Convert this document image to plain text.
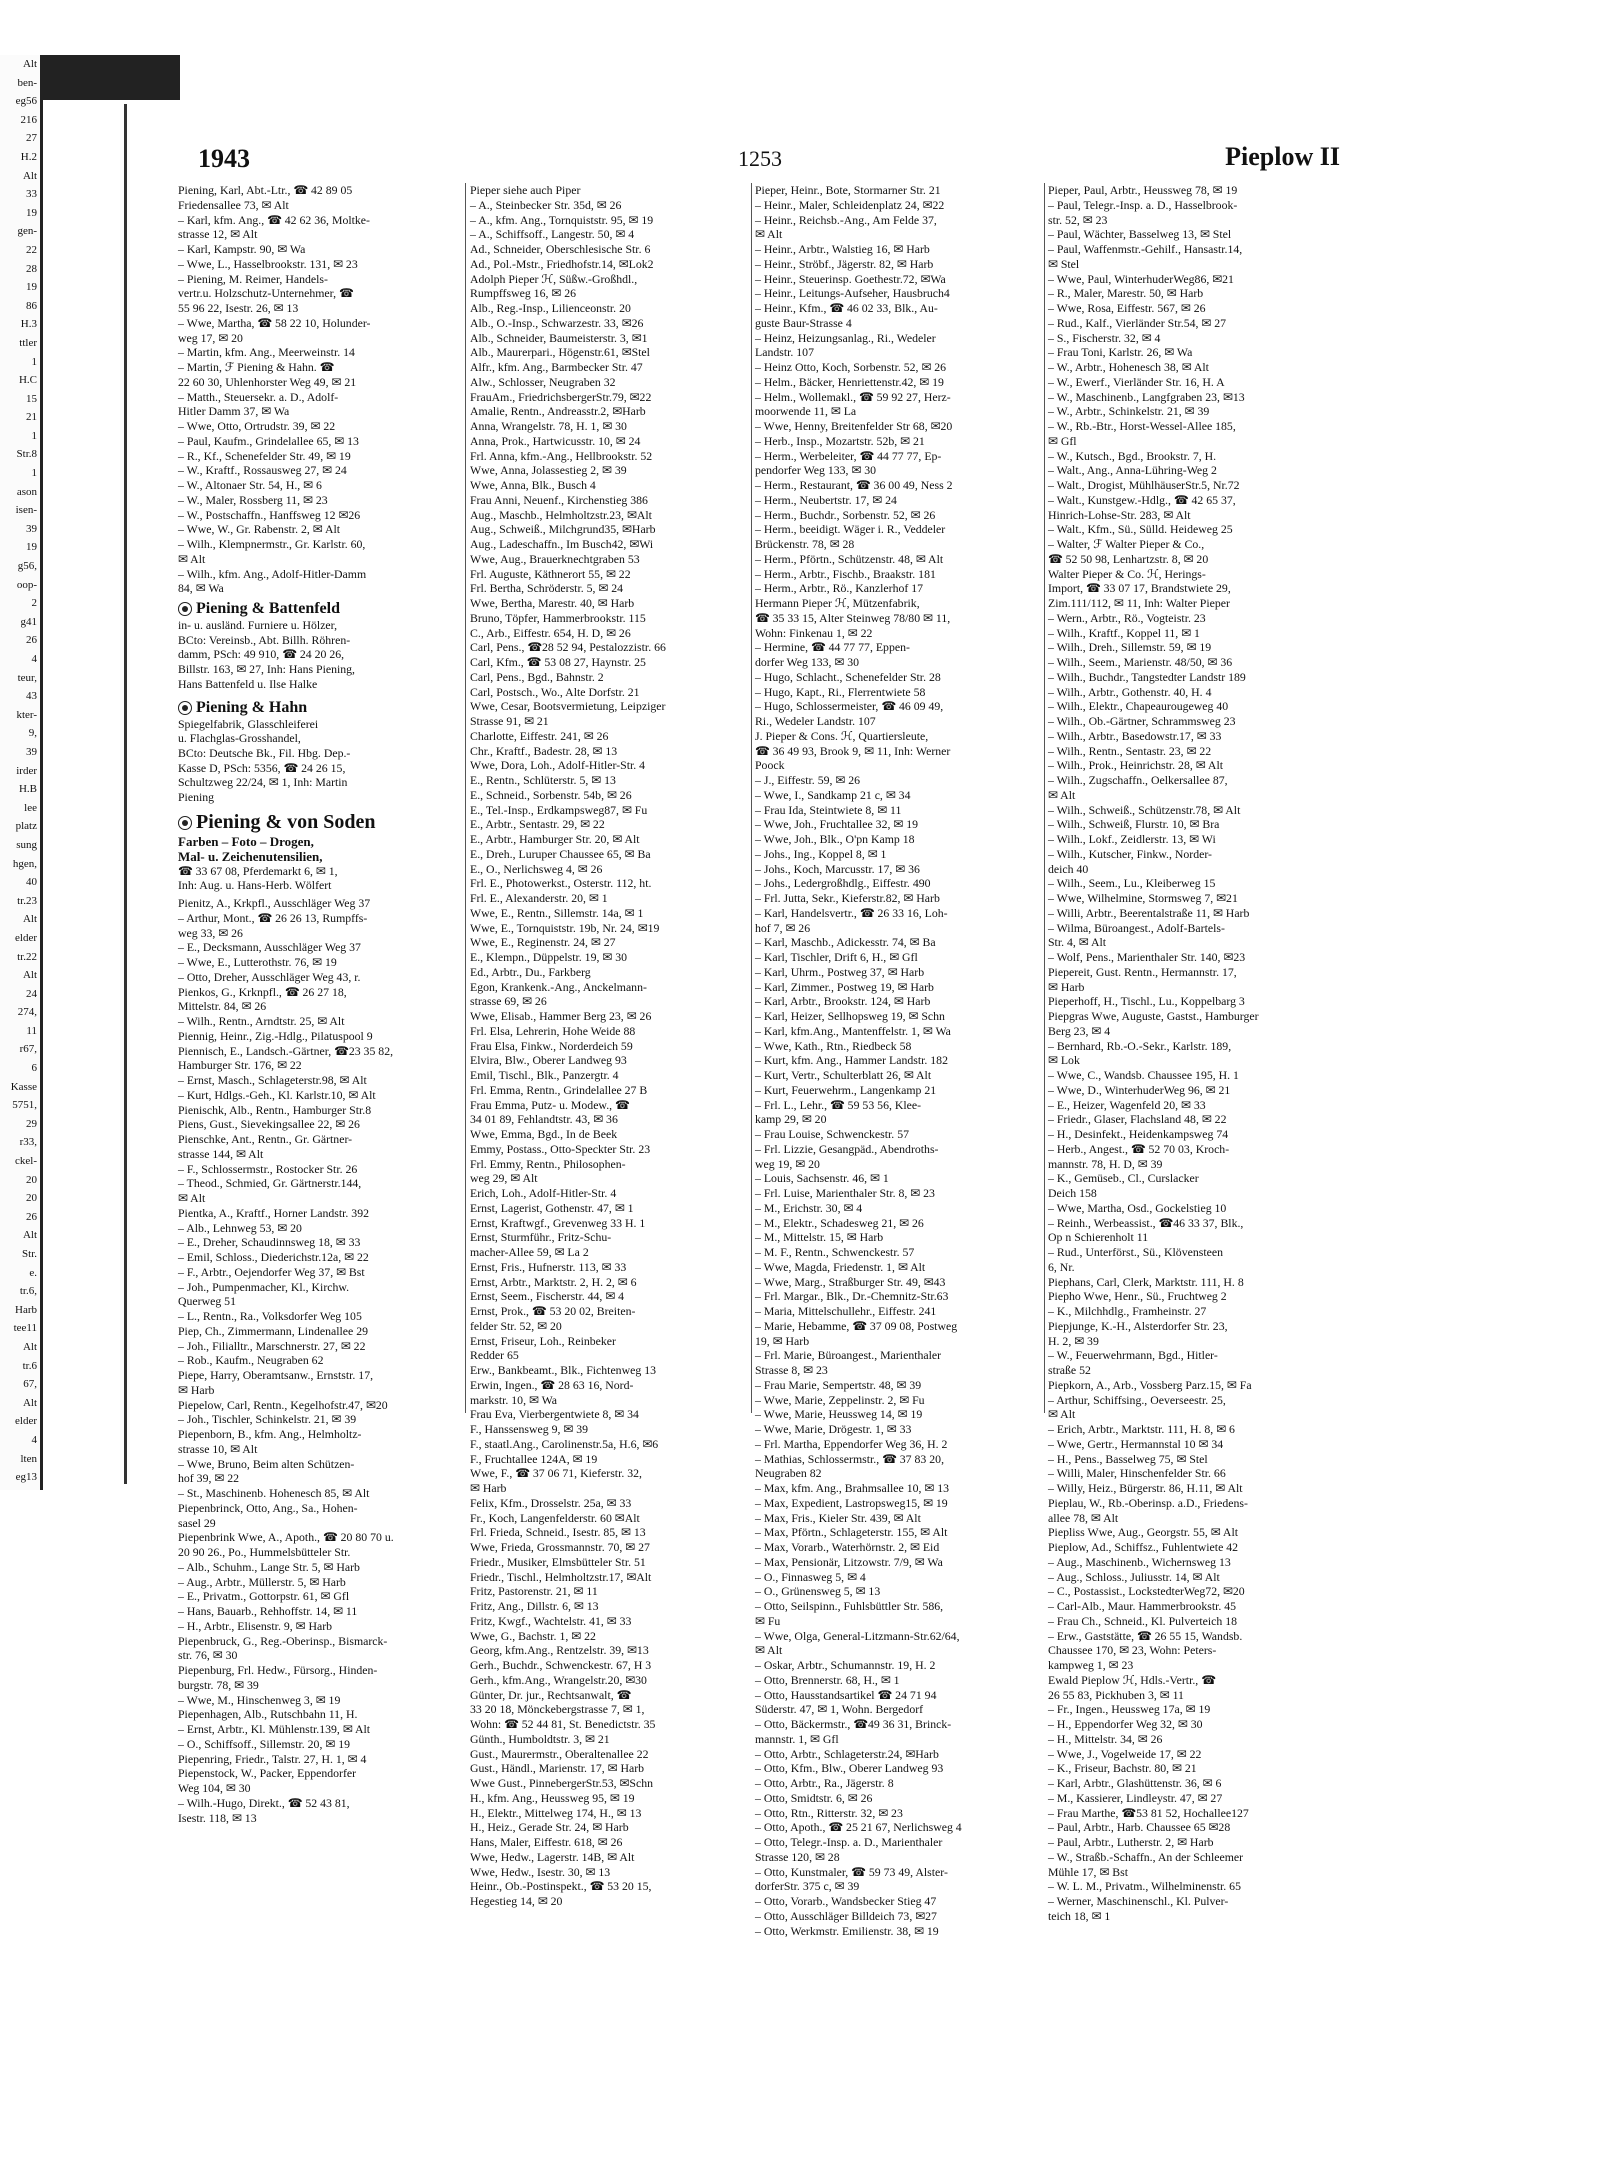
Alt
ben-
eg56
216
27
H.2
Alt
33
19
gen-
22
28
19
86
H.3
ttler
1
H.C
15
21
1
Str.8
1
ason
isen-
39
19
g56,
oop-
2
g41
26
4
teur,
43
kter-
9,
39
irder
H.B
lee
platz
sung
hgen,
40
tr.23
Alt
elder
tr.22
Alt
24
274,
11
r67,
6
Kasse
5751,
29
r33,
ckel-
20
20
26
Alt
Str.
e.
tr.6,
Harb
tee11
Alt
tr.6
67,
Alt
elder
4
lten
eg13
1943	1253	Pieplow II
Piening, Karl, Abt.-Ltr., ☎ 42 89 05
Friedensallee 73, ✉ Alt
– Karl, kfm. Ang., ☎ 42 62 36, Moltke-
strasse 12, ✉ Alt
– Karl, Kampstr. 90, ✉ Wa
– Wwe, L., Hasselbrookstr. 131, ✉ 23
– Piening, M. Reimer, Handels-
vertr.u. Holzschutz-Unternehmer, ☎
55 96 22, Isestr. 26, ✉ 13
– Wwe, Martha, ☎ 58 22 10, Holunder-
weg 17, ✉ 20
– Martin, kfm. Ang., Meerweinstr. 14
– Martin, ℱ Piening & Hahn. ☎
22 60 30, Uhlenhorster Weg 49, ✉ 21
– Matth., Steuersekr. a. D., Adolf-
Hitler Damm 37, ✉ Wa
– Wwe, Otto, Ortrudstr. 39, ✉ 22
– Paul, Kaufm., Grindelallee 65, ✉ 13
– R., Kf., Schenefelder Str. 49, ✉ 19
– W., Kraftf., Rossausweg 27, ✉ 24
– W., Altonaer Str. 54, H., ✉ 6
– W., Maler, Rossberg 11, ✉ 23
– W., Postschaffn., Hanffsweg 12 ✉26
– Wwe, W., Gr. Rabenstr. 2, ✉ Alt
– Wilh., Klempnermstr., Gr. Karlstr. 60,
✉ Alt
– Wilh., kfm. Ang., Adolf-Hitler-Damm
84, ✉ Wa
Piening & Battenfeld
in- u. ausländ. Furniere u. Hölzer,
BCto: Vereinsb., Abt. Billh. Röhren-
damm, PSch: 49 910, ☎ 24 20 26,
Billstr. 163, ✉ 27, Inh: Hans Piening,
Hans Battenfeld u. Ilse Halke
Piening & Hahn
Spiegelfabrik, Glasschleiferei
u. Flachglas-Grosshandel,
BCto: Deutsche Bk., Fil. Hbg. Dep.-
Kasse D, PSch: 5356, ☎ 24 26 15,
Schultzweg 22/24, ✉ 1, Inh: Martin
Piening
Piening & von Soden
Farben – Foto – Drogen,
Mal- u. Zeichenutensilien,
☎ 33 67 08, Pferdemarkt 6, ✉ 1,
Inh: Aug. u. Hans-Herb. Wölfert
Pienitz, A., Krkpfl., Ausschläger Weg 37
– Arthur, Mont., ☎ 26 26 13, Rumpffs-
weg 33, ✉ 26
– E., Decksmann, Ausschläger Weg 37
– Wwe, E., Lutterothstr. 76, ✉ 19
– Otto, Dreher, Ausschläger Weg 43, r.
Pienkos, G., Krknpfl., ☎ 26 27 18,
Mittelstr. 84, ✉ 26
– Wilh., Rentn., Arndtstr. 25, ✉ Alt
Piennig, Heinr., Zig.-Hdlg., Pilatuspool 9
Piennisch, E., Landsch.-Gärtner, ☎23 35 82,
Hamburger Str. 176, ✉ 22
– Ernst, Masch., Schlageterstr.98, ✉ Alt
– Kurt, Hdlgs.-Geh., Kl. Karlstr.10, ✉ Alt
Pienischk, Alb., Rentn., Hamburger Str.8
Piens, Gust., Sievekingsallee 22, ✉ 26
Pienschke, Ant., Rentn., Gr. Gärtner-
strasse 144, ✉ Alt
– F., Schlossermstr., Rostocker Str. 26
– Theod., Schmied, Gr. Gärtnerstr.144,
✉ Alt
Pientka, A., Kraftf., Horner Landstr. 392
– Alb., Lehnweg 53, ✉ 20
– E., Dreher, Schaudinnsweg 18, ✉ 33
– Emil, Schloss., Diederichstr.12a, ✉ 22
– F., Arbtr., Oejendorfer Weg 37, ✉ Bst
– Joh., Pumpenmacher, Kl., Kirchw.
Querweg 51
– L., Rentn., Ra., Volksdorfer Weg 105
Piep, Ch., Zimmermann, Lindenallee 29
– Joh., Filialltr., Marschnerstr. 27, ✉ 22
– Rob., Kaufm., Neugraben 62
Piepe, Harry, Oberamtsanw., Ernststr. 17,
✉ Harb
Piepelow, Carl, Rentn., Kegelhofstr.47, ✉20
– Joh., Tischler, Schinkelstr. 21, ✉ 39
Piepenborn, B., kfm. Ang., Helmholtz-
strasse 10, ✉ Alt
– Wwe, Bruno, Beim alten Schützen-
hof 39, ✉ 22
– St., Maschinenb. Hohenesch 85, ✉ Alt
Piepenbrinck, Otto, Ang., Sa., Hohen-
sasel 29
Piepenbrink Wwe, A., Apoth., ☎ 20 80 70 u.
20 90 26., Po., Hummelsbütteler Str.
– Alb., Schuhm., Lange Str. 5, ✉ Harb
– Aug., Arbtr., Müllerstr. 5, ✉ Harb
– E., Privatm., Gottorpstr. 61, ✉ Gfl
– Hans, Bauarb., Rehhoffstr. 14, ✉ 11
– H., Arbtr., Elisenstr. 9, ✉ Harb
Piepenbruck, G., Reg.-Oberinsp., Bismarck-
str. 76, ✉ 30
Piepenburg, Frl. Hedw., Fürsorg., Hinden-
burgstr. 78, ✉ 39
– Wwe, M., Hinschenweg 3, ✉ 19
Piepenhagen, Alb., Rutschbahn 11, H.
– Ernst, Arbtr., Kl. Mühlenstr.139, ✉ Alt
– O., Schiffsoff., Sillemstr. 20, ✉ 19
Piepenring, Friedr., Talstr. 27, H. 1, ✉ 4
Piepenstock, W., Packer, Eppendorfer
Weg 104, ✉ 30
– Wilh.-Hugo, Direkt., ☎ 52 43 81,
Isestr. 118, ✉ 13
Pieper siehe auch Piper
– A., Steinbecker Str. 35d, ✉ 26
– A., kfm. Ang., Tornquiststr. 95, ✉ 19
– A., Schiffsoff., Langestr. 50, ✉ 4
Ad., Schneider, Oberschlesische Str. 6
Ad., Pol.-Mstr., Friedhofstr.14, ✉Lok2
Adolph Pieper ℋ, Süßw.-Großhdl.,
Rumpffsweg 16, ✉ 26
Alb., Reg.-Insp., Lilienceonstr. 20
Alb., O.-Insp., Schwarzestr. 33, ✉26
Alb., Schneider, Baumeisterstr. 3, ✉1
Alb., Maurerpari., Högenstr.61, ✉Stel
Alfr., kfm. Ang., Barmbecker Str. 47
Alw., Schlosser, Neugraben 32
FrauAm., FriedrichsbergerStr.79, ✉22
Amalie, Rentn., Andreasstr.2, ✉Harb
Anna, Wrangelstr. 78, H. 1, ✉ 30
Anna, Prok., Hartwicusstr. 10, ✉ 24
Frl. Anna, kfm.-Ang., Hellbrookstr. 52
Wwe, Anna, Jolassestieg 2, ✉ 39
Wwe, Anna, Blk., Busch 4
Frau Anni, Neuenf., Kirchenstieg 386
Aug., Maschb., Helmholtzstr.23, ✉Alt
Aug., Schweiß., Milchgrund35, ✉Harb
Aug., Ladeschaffn., Im Busch42, ✉Wi
Wwe, Aug., Brauerknechtgraben 53
Frl. Auguste, Käthnerort 55, ✉ 22
Frl. Bertha, Schröderstr. 5, ✉ 24
Wwe, Bertha, Marestr. 40, ✉ Harb
Bruno, Töpfer, Hammerbrookstr. 115
C., Arb., Eiffestr. 654, H. D, ✉ 26
Carl, Pens., ☎28 52 94, Pestalozzistr. 66
Carl, Kfm., ☎ 53 08 27, Haynstr. 25
Carl, Pens., Bgd., Bahnstr. 2
Carl, Postsch., Wo., Alte Dorfstr. 21
Wwe, Cesar, Bootsvermietung, Leipziger
Strasse 91, ✉ 21
Charlotte, Eiffestr. 241, ✉ 26
Chr., Kraftf., Badestr. 28, ✉ 13
Wwe, Dora, Loh., Adolf-Hitler-Str. 4
E., Rentn., Schlüterstr. 5, ✉ 13
E., Schneid., Sorbenstr. 54b, ✉ 26
E., Tel.-Insp., Erdkampsweg87, ✉ Fu
E., Arbtr., Sentastr. 29, ✉ 22
E., Arbtr., Hamburger Str. 20, ✉ Alt
E., Dreh., Luruper Chaussee 65, ✉ Ba
E., O., Nerlichsweg 4, ✉ 26
Frl. E., Photowerkst., Osterstr. 112, ht.
Frl. E., Alexanderstr. 20, ✉ 1
Wwe, E., Rentn., Sillemstr. 14a, ✉ 1
Wwe, E., Tornquiststr. 19b, Nr. 24, ✉19
Wwe, E., Reginenstr. 24, ✉ 27
E., Klempn., Düppelstr. 19, ✉ 30
Ed., Arbtr., Du., Farkberg
Egon, Krankenk.-Ang., Anckelmann-
strasse 69, ✉ 26
Wwe, Elisab., Hammer Berg 23, ✉ 26
Frl. Elsa, Lehrerin, Hohe Weide 88
Frau Elsa, Finkw., Norderdeich 59
Elvira, Blw., Oberer Landweg 93
Emil, Tischl., Blk., Panzergtr. 4
Frl. Emma, Rentn., Grindelallee 27 B
Frau Emma, Putz- u. Modew., ☎
34 01 89, Fehlandtstr. 43, ✉ 36
Wwe, Emma, Bgd., In de Beek
Emmy, Postass., Otto-Speckter Str. 23
Frl. Emmy, Rentn., Philosophen-
weg 29, ✉ Alt
Erich, Loh., Adolf-Hitler-Str. 4
Ernst, Lagerist, Gothenstr. 47, ✉ 1
Ernst, Kraftwgf., Grevenweg 33 H. 1
Ernst, Sturmführ., Fritz-Schu-
macher-Allee 59, ✉ La 2
Ernst, Fris., Hufnerstr. 113, ✉ 33
Ernst, Arbtr., Marktstr. 2, H. 2, ✉ 6
Ernst, Seem., Fischerstr. 44, ✉ 4
Ernst, Prok., ☎ 53 20 02, Breiten-
felder Str. 52, ✉ 20
Ernst, Friseur, Loh., Reinbeker
Redder 65
Erw., Bankbeamt., Blk., Fichtenweg 13
Erwin, Ingen., ☎ 28 63 16, Nord-
markstr. 10, ✉ Wa
Frau Eva, Vierbergentwiete 8, ✉ 34
F., Hanssensweg 9, ✉ 39
F., staatl.Ang., Carolinenstr.5a, H.6, ✉6
F., Fruchtallee 124A, ✉ 19
Wwe, F., ☎ 37 06 71, Kieferstr. 32,
✉ Harb
Felix, Kfm., Drosselstr. 25a, ✉ 33
Fr., Koch, Langenfelderstr. 60 ✉Alt
Frl. Frieda, Schneid., Isestr. 85, ✉ 13
Wwe, Frieda, Grossmannstr. 70, ✉ 27
Friedr., Musiker, Elmsbütteler Str. 51
Friedr., Tischl., Helmholtzstr.17, ✉Alt
Fritz, Pastorenstr. 21, ✉ 11
Fritz, Ang., Dillstr. 6, ✉ 13
Fritz, Kwgf., Wachtelstr. 41, ✉ 33
Wwe, G., Bachstr. 1, ✉ 22
Georg, kfm.Ang., Rentzelstr. 39, ✉13
Gerh., Buchdr., Schwenckestr. 67, H 3
Gerh., kfm.Ang., Wrangelstr.20, ✉30
Günter, Dr. jur., Rechtsanwalt, ☎
33 20 18, Mönckebergstrasse 7, ✉ 1,
Wohn: ☎ 52 44 81, St. Benedictstr. 35
Günth., Humboldtstr. 3, ✉ 21
Gust., Maurermstr., Oberaltenallee 22
Gust., Händl., Marienstr. 17, ✉ Harb
Wwe Gust., PinnebergerStr.53, ✉Schn
H., kfm. Ang., Heussweg 95, ✉ 19
H., Elektr., Mittelweg 174, H., ✉ 13
H., Heiz., Gerade Str. 24, ✉ Harb
Hans, Maler, Eiffestr. 618, ✉ 26
Wwe, Hedw., Lagerstr. 14B, ✉ Alt
Wwe, Hedw., Isestr. 30, ✉ 13
Heinr., Ob.-Postinspekt., ☎ 53 20 15,
Hegestieg 14, ✉ 20
Pieper, Heinr., Bote, Stormarner Str. 21
– Heinr., Maler, Schleidenplatz 24, ✉22
– Heinr., Reichsb.-Ang., Am Felde 37,
✉ Alt
– Heinr., Arbtr., Walstieg 16, ✉ Harb
– Heinr., Ströbf., Jägerstr. 82, ✉ Harb
– Heinr., Steuerinsp. Goethestr.72, ✉Wa
– Heinr., Leitungs-Aufseher, Hausbruch4
– Heinr., Kfm., ☎ 46 02 33, Blk., Au-
guste Baur-Strasse 4
– Heinz, Heizungsanlag., Ri., Wedeler
Landstr. 107
– Heinz Otto, Koch, Sorbenstr. 52, ✉ 26
– Helm., Bäcker, Henriettenstr.42, ✉ 19
– Helm., Wollemakl., ☎ 59 92 27, Herz-
moorwende 11, ✉ La
– Wwe, Henny, Breitenfelder Str 68, ✉20
– Herb., Insp., Mozartstr. 52b, ✉ 21
– Herm., Werbeleiter, ☎ 44 77 77, Ep-
pendorfer Weg 133, ✉ 30
– Herm., Restaurant, ☎ 36 00 49, Ness 2
– Herm., Neubertstr. 17, ✉ 24
– Herm., Buchdr., Sorbenstr. 52, ✉ 26
– Herm., beeidigt. Wäger i. R., Veddeler
Brückenstr. 78, ✉ 28
– Herm., Pförtn., Schützenstr. 48, ✉ Alt
– Herm., Arbtr., Fischb., Braakstr. 181
– Herm., Arbtr., Rö., Kanzlerhof 17
Hermann Pieper ℋ, Mützenfabrik,
☎ 35 33 15, Alter Steinweg 78/80 ✉ 11,
Wohn: Finkenau 1, ✉ 22
– Hermine, ☎ 44 77 77, Eppen-
dorfer Weg 133, ✉ 30
– Hugo, Schlacht., Schenefelder Str. 28
– Hugo, Kapt., Ri., Flerrentwiete 58
– Hugo, Schlossermeister, ☎ 46 09 49,
Ri., Wedeler Landstr. 107
J. Pieper & Cons. ℋ, Quartiersleute,
☎ 36 49 93, Brook 9, ✉ 11, Inh: Werner
Poock
– J., Eiffestr. 59, ✉ 26
– Wwe, I., Sandkamp 21 c, ✉ 34
– Frau Ida, Steintwiete 8, ✉ 11
– Wwe, Joh., Fruchtallee 32, ✉ 19
– Wwe, Joh., Blk., O'pn Kamp 18
– Johs., Ing., Koppel 8, ✉ 1
– Johs., Koch, Marcusstr. 17, ✉ 36
– Johs., Ledergroßhdlg., Eiffestr. 490
– Frl. Jutta, Sekr., Kieferstr.82, ✉ Harb
– Karl, Handelsvertr., ☎ 26 33 16, Loh-
hof 7, ✉ 26
– Karl, Maschb., Adickesstr. 74, ✉ Ba
– Karl, Tischler, Drift 6, H., ✉ Gfl
– Karl, Uhrm., Postweg 37, ✉ Harb
– Karl, Zimmer., Postweg 19, ✉ Harb
– Karl, Arbtr., Brookstr. 124, ✉ Harb
– Karl, Heizer, Sellhopsweg 19, ✉ Schn
– Karl, kfm.Ang., Mantenffelstr. 1, ✉ Wa
– Wwe, Kath., Rtn., Riedbeck 58
– Kurt, kfm. Ang., Hammer Landstr. 182
– Kurt, Vertr., Schulterblatt 26, ✉ Alt
– Kurt, Feuerwehrm., Langenkamp 21
– Frl. L., Lehr., ☎ 59 53 56, Klee-
kamp 29, ✉ 20
– Frau Louise, Schwenckestr. 57
– Frl. Lizzie, Gesangpäd., Abendroths-
weg 19, ✉ 20
– Louis, Sachsenstr. 46, ✉ 1
– Frl. Luise, Marienthaler Str. 8, ✉ 23
– M., Erichstr. 30, ✉ 4
– M., Elektr., Schadesweg 21, ✉ 26
– M., Mittelstr. 15, ✉ Harb
– M. F., Rentn., Schwenckestr. 57
– Wwe, Magda, Friedenstr. 1, ✉ Alt
– Wwe, Marg., Straßburger Str. 49, ✉43
– Frl. Margar., Blk., Dr.-Chemnitz-Str.63
– Maria, Mittelschullehr., Eiffestr. 241
– Marie, Hebamme, ☎ 37 09 08, Postweg
19, ✉ Harb
– Frl. Marie, Büroangest., Marienthaler
Strasse 8, ✉ 23
– Frau Marie, Sempertstr. 48, ✉ 39
– Wwe, Marie, Zeppelinstr. 2, ✉ Fu
– Wwe, Marie, Heussweg 14, ✉ 19
– Wwe, Marie, Drögestr. 1, ✉ 33
– Frl. Martha, Eppendorfer Weg 36, H. 2
– Mathias, Schlossermstr., ☎ 37 83 20,
Neugraben 82
– Max, kfm. Ang., Brahmsallee 10, ✉ 13
– Max, Expedient, Lastropsweg15, ✉ 19
– Max, Fris., Kieler Str. 439, ✉ Alt
– Max, Pförtn., Schlageterstr. 155, ✉ Alt
– Max, Vorarb., Waterhörnstr. 2, ✉ Eid
– Max, Pensionär, Litzowstr. 7/9, ✉ Wa
– O., Finnasweg 5, ✉ 4
– O., Grünensweg 5, ✉ 13
– Otto, Seilspinn., Fuhlsbüttler Str. 586,
✉ Fu
– Wwe, Olga, General-Litzmann-Str.62/64,
✉ Alt
– Oskar, Arbtr., Schumannstr. 19, H. 2
– Otto, Brennerstr. 68, H., ✉ 1
– Otto, Hausstandsartikel ☎ 24 71 94
Süderstr. 47, ✉ 1, Wohn. Bergedorf
– Otto, Bäckermstr., ☎49 36 31, Brinck-
mannstr. 1, ✉ Gfl
– Otto, Arbtr., Schlageterstr.24, ✉Harb
– Otto, Kfm., Blw., Oberer Landweg 93
– Otto, Arbtr., Ra., Jägerstr. 8
– Otto, Smidtstr. 6, ✉ 26
– Otto, Rtn., Ritterstr. 32, ✉ 23
– Otto, Apoth., ☎ 25 21 67, Nerlichsweg 4
– Otto, Telegr.-Insp. a. D., Marienthaler
Strasse 120, ✉ 28
– Otto, Kunstmaler, ☎ 59 73 49, Alster-
dorferStr. 375 c, ✉ 39
– Otto, Vorarb., Wandsbecker Stieg 47
– Otto, Ausschläger Billdeich 73, ✉27
– Otto, Werkmstr. Emilienstr. 38, ✉ 19
Pieper, Paul, Arbtr., Heussweg 78, ✉ 19
– Paul, Telegr.-Insp. a. D., Hasselbrook-
str. 52, ✉ 23
– Paul, Wächter, Basselweg 13, ✉ Stel
– Paul, Waffenmstr.-Gehilf., Hansastr.14,
✉ Stel
– Wwe, Paul, WinterhuderWeg86, ✉21
– R., Maler, Marestr. 50, ✉ Harb
– Wwe, Rosa, Eiffestr. 567, ✉ 26
– Rud., Kalf., Vierländer Str.54, ✉ 27
– S., Fischerstr. 32, ✉ 4
– Frau Toni, Karlstr. 26, ✉ Wa
– W., Arbtr., Hohenesch 38, ✉ Alt
– W., Ewerf., Vierländer Str. 16, H. A
– W., Maschinenb., Langfgraben 23, ✉13
– W., Arbtr., Schinkelstr. 21, ✉ 39
– W., Rb.-Btr., Horst-Wessel-Allee 185,
✉ Gfl
– W., Kutsch., Bgd., Brookstr. 7, H.
– Walt., Ang., Anna-Lühring-Weg 2
– Walt., Drogist, MühlhäuserStr.5, Nr.72
– Walt., Kunstgew.-Hdlg., ☎ 42 65 37,
Hinrich-Lohse-Str. 283, ✉ Alt
– Walt., Kfm., Sü., Sülld. Heideweg 25
– Walter, ℱ Walter Pieper & Co.,
☎ 52 50 98, Lenhartzstr. 8, ✉ 20
Walter Pieper & Co. ℋ, Herings-
Import, ☎ 33 07 17, Brandstwiete 29,
Zim.111/112, ✉ 11, Inh: Walter Pieper
– Wern., Arbtr., Rö., Vogteistr. 23
– Wilh., Kraftf., Koppel 11, ✉ 1
– Wilh., Dreh., Sillemstr. 59, ✉ 19
– Wilh., Seem., Marienstr. 48/50, ✉ 36
– Wilh., Buchdr., Tangstedter Landstr 189
– Wilh., Arbtr., Gothenstr. 40, H. 4
– Wilh., Elektr., Chapeaurougeweg 40
– Wilh., Ob.-Gärtner, Schrammsweg 23
– Wilh., Arbtr., Basedowstr.17, ✉ 33
– Wilh., Rentn., Sentastr. 23, ✉ 22
– Wilh., Prok., Heinrichstr. 28, ✉ Alt
– Wilh., Zugschaffn., Oelkersallee 87,
✉ Alt
– Wilh., Schweiß., Schützenstr.78, ✉ Alt
– Wilh., Schweiß, Flurstr. 10, ✉ Bra
– Wilh., Lokf., Zeidlerstr. 13, ✉ Wi
– Wilh., Kutscher, Finkw., Norder-
deich 40
– Wilh., Seem., Lu., Kleiberweg 15
– Wwe, Wilhelmine, Stormsweg 7, ✉21
– Willi, Arbtr., Beerentalstraße 11, ✉ Harb
– Wilma, Büroangest., Adolf-Bartels-
Str. 4, ✉ Alt
– Wolf, Pens., Marienthaler Str. 140, ✉23
Piepereit, Gust. Rentn., Hermannstr. 17,
✉ Harb
Pieperhoff, H., Tischl., Lu., Koppelbarg 3
Piepgras Wwe, Auguste, Gastst., Hamburger
Berg 23, ✉ 4
– Bernhard, Rb.-O.-Sekr., Karlstr. 189,
✉ Lok
– Wwe, C., Wandsb. Chaussee 195, H. 1
– Wwe, D., WinterhuderWeg 96, ✉ 21
– E., Heizer, Wagenfeld 20, ✉ 33
– Friedr., Glaser, Flachsland 48, ✉ 22
– H., Desinfekt., Heidenkampsweg 74
– Herb., Angest., ☎ 52 70 03, Kroch-
mannstr. 78, H. D, ✉ 39
– K., Gemüseb., Cl., Curslacker
Deich 158
– Wwe, Martha, Osd., Gockelstieg 10
– Reinh., Werbeassist., ☎46 33 37, Blk.,
Op n Schierenholt 11
– Rud., Unterförst., Sü., Klövensteen
6, Nr.
Piephans, Carl, Clerk, Marktstr. 111, H. 8
Piepho Wwe, Henr., Sü., Fruchtweg 2
– K., Milchhdlg., Framheinstr. 27
Piepjunge, K.-H., Alsterdorfer Str. 23,
H. 2, ✉ 39
– W., Feuerwehrmann, Bgd., Hitler-
straße 52
Piepkorn, A., Arb., Vossberg Parz.15, ✉ Fa
– Arthur, Schiffsing., Oeverseestr. 25,
✉ Alt
– Erich, Arbtr., Marktstr. 111, H. 8, ✉ 6
– Wwe, Gertr., Hermannstal 10 ✉ 34
– H., Pens., Basselweg 75, ✉ Stel
– Willi, Maler, Hinschenfelder Str. 66
– Willy, Heiz., Bürgerstr. 86, H.11, ✉ Alt
Pieplau, W., Rb.-Oberinsp. a.D., Friedens-
allee 78, ✉ Alt
Piepliss Wwe, Aug., Georgstr. 55, ✉ Alt
Pieplow, Ad., Schiffsz., Fuhlentwiete 42
– Aug., Maschinenb., Wichernsweg 13
– Aug., Schloss., Juliusstr. 14, ✉ Alt
– C., Postassist., LockstedterWeg72, ✉20
– Carl-Alb., Maur. Hammerbrookstr. 45
– Frau Ch., Schneid., Kl. Pulverteich 18
– Erw., Gaststätte, ☎ 26 55 15, Wandsb.
Chaussee 170, ✉ 23, Wohn: Peters-
kampweg 1, ✉ 23
Ewald Pieplow ℋ, Hdls.-Vertr., ☎
26 55 83, Pickhuben 3, ✉ 11
– Fr., Ingen., Heussweg 17a, ✉ 19
– H., Eppendorfer Weg 32, ✉ 30
– H., Mittelstr. 34, ✉ 26
– Wwe, J., Vogelweide 17, ✉ 22
– K., Friseur, Bachstr. 80, ✉ 21
– Karl, Arbtr., Glashüttenstr. 36, ✉ 6
– M., Kassierer, Lindleystr. 47, ✉ 27
– Frau Marthe, ☎53 81 52, Hochallee127
– Paul, Arbtr., Harb. Chaussee 65 ✉28
– Paul, Arbtr., Lutherstr. 2, ✉ Harb
– W., Straßb.-Schaffn., An der Schleemer
Mühle 17, ✉ Bst
– W. L. M., Privatm., Wilhelminenstr. 65
– Werner, Maschinenschl., Kl. Pulver-
teich 18, ✉ 1
